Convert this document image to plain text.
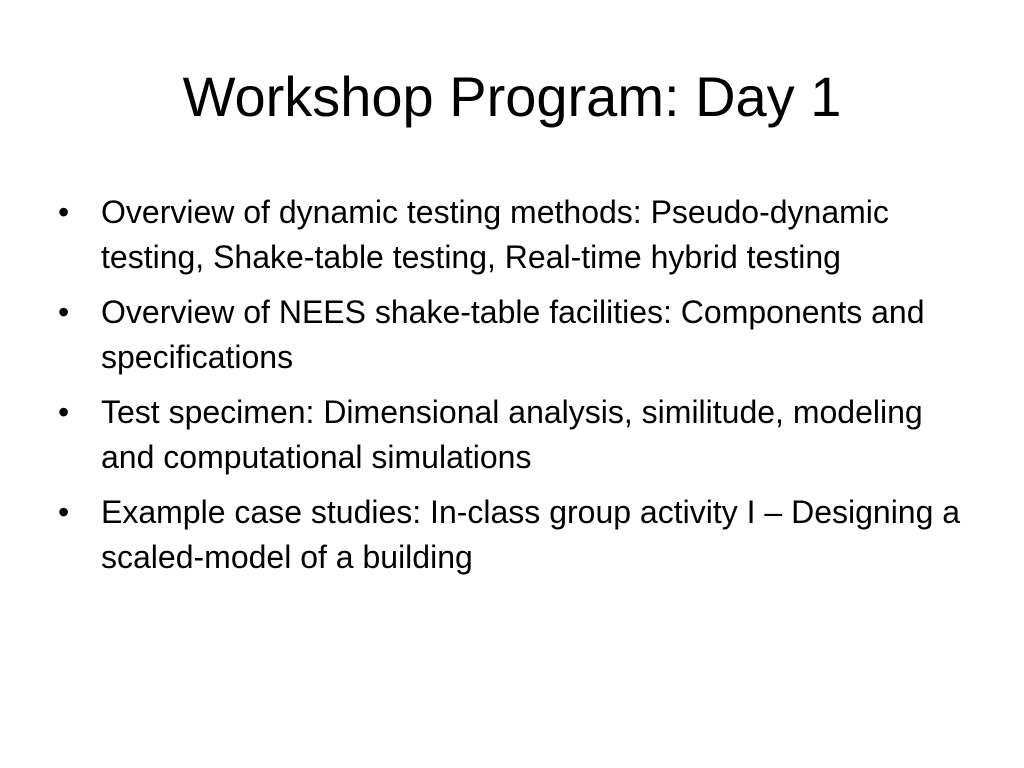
Workshop Program: Day 1
• Overview of dynamic testing methods: Pseudo-dynamic testing, Shake-table testing, Real-time hybrid testing
• Overview of NEES shake-table facilities: Components and specifications
• Test specimen: Dimensional analysis, similitude, modeling and computational simulations
• Example case studies: In-class group activity I – Designing a scaled-model of a building
